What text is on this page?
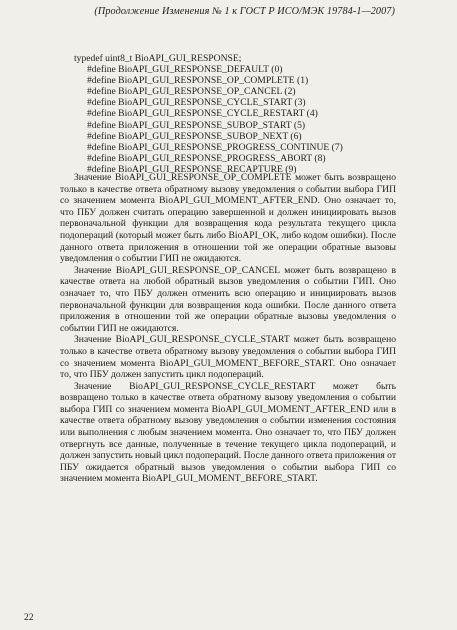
(Продолжение Изменения № 1 к ГОСТ Р ИСО/МЭК 19784-1—2007)
typedef uint8_t BioAPI_GUI_RESPONSE;
#define BioAPI_GUI_RESPONSE_DEFAULT (0)
#define BioAPI_GUI_RESPONSE_OP_COMPLETE (1)
#define BioAPI_GUI_RESPONSE_OP_CANCEL (2)
#define BioAPI_GUI_RESPONSE_CYCLE_START (3)
#define BioAPI_GUI_RESPONSE_CYCLE_RESTART (4)
#define BioAPI_GUI_RESPONSE_SUBOP_START (5)
#define BioAPI_GUI_RESPONSE_SUBOP_NEXT (6)
#define BioAPI_GUI_RESPONSE_PROGRESS_CONTINUE (7)
#define BioAPI_GUI_RESPONSE_PROGRESS_ABORT (8)
#define BioAPI_GUI_RESPONSE_RECAPTURE (9)

Значение BioAPI_GUI_RESPONSE_OP_COMPLETE может быть возвращено только в качестве ответа обратному вызову уведомления о событии выбора ГИП со значением момента BioAPI_GUI_MOMENT_AFTER_END. Оно означает то, что ПБУ должен считать операцию завершенной и должен инициировать вызов первоначальной функции для возвращения кода результата текущего цикла подопераций (который может быть либо BioAPI_OK, либо кодом ошибки). После данного ответа приложения в отношении той же операции обратные вызовы уведомления о событии ГИП не ожидаются.

Значение BioAPI_GUI_RESPONSE_OP_CANCEL может быть возвращено в качестве ответа на любой обратный вызов уведомления о событии ГИП. Оно означает то, что ПБУ должен отменить всю операцию и инициировать вызов первоначальной функции для возвращения кода ошибки. После данного ответа приложения в отношении той же операции обратные вызовы уведомления о событии ГИП не ожидаются.

Значение BioAPI_GUI_RESPONSE_CYCLE_START может быть возвращено только в качестве ответа обратному вызову уведомления о событии выбора ГИП со значением момента BioAPI_GUI_MOMENT_BEFORE_START. Оно означает то, что ПБУ должен запустить цикл подопераций.

Значение BioAPI_GUI_RESPONSE_CYCLE_RESTART может быть возвращено только в качестве ответа обратному вызову уведомления о событии выбора ГИП со значением момента BioAPI_GUI_MOMENT_AFTER_END или в качестве ответа обратному вызову уведомления о событии изменения состояния или выполнения с любым значением момента. Оно означает то, что ПБУ должен отвергнуть все данные, полученные в течение текущего цикла подопераций, и должен запустить новый цикл подопераций. После данного ответа приложения от ПБУ ожидается обратный вызов уведомления о событии выбора ГИП со значением момента BioAPI_GUI_MOMENT_BEFORE_START.

22
